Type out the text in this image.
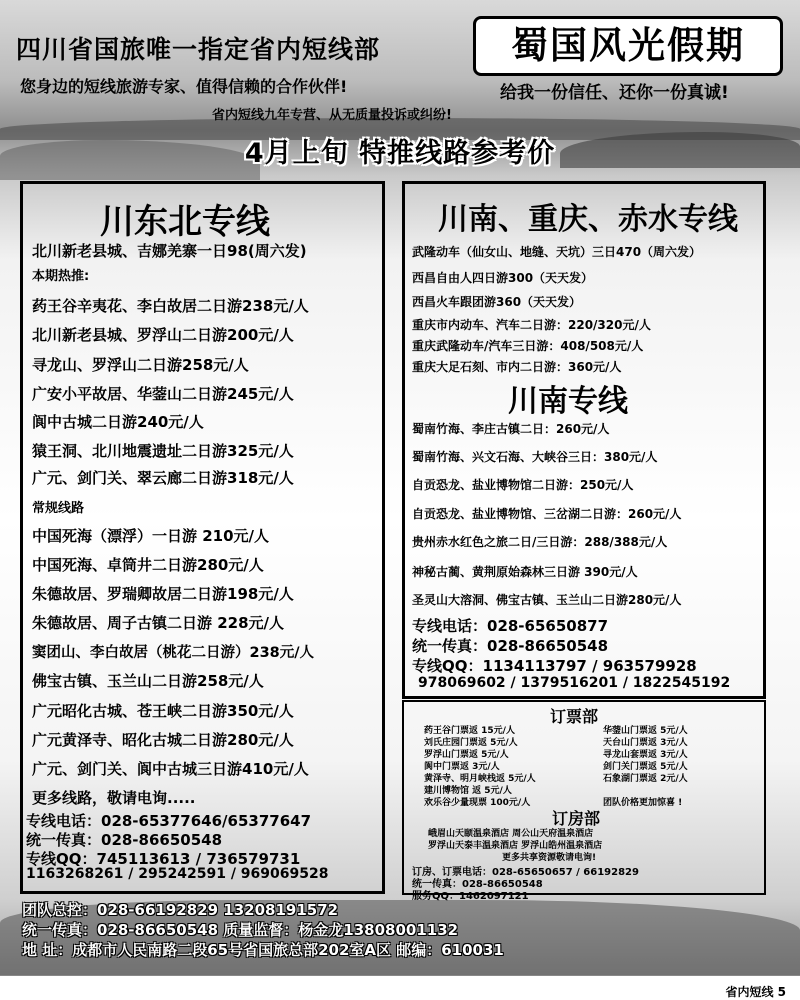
四川省国旅唯一指定省内短线部	蜀国风光假期
您身边的短线旅游专家、值得信赖的合作伙伴!	给我一份信任、还你一份真诚!
省内短线九年专营、从无质量投诉或纠纷!
4月上旬 特推线路参考价
川东北专线
北川新老县城、吉娜羌寨一日98(周六发)
本期热推:
药王谷辛夷花、李白故居二日游238元/人
北川新老县城、罗浮山二日游200元/人
寻龙山、罗浮山二日游258元/人
广安小平故居、华蓥山二日游245元/人
阆中古城二日游240元/人
猿王洞、北川地震遗址二日游325元/人
广元、剑门关、翠云廊二日游318元/人
常规线路
中国死海（漂浮）一日游 210元/人
中国死海、卓筒井二日游280元/人
朱德故居、罗瑞卿故居二日游198元/人
朱德故居、周子古镇二日游 228元/人
窦团山、李白故居（桃花二日游）238元/人
佛宝古镇、玉兰山二日游258元/人
广元昭化古城、苍王峡二日游350元/人
广元黄泽寺、昭化古城二日游280元/人
广元、剑门关、阆中古城三日游410元/人
更多线路，敬请电询.....
专线电话：028-65377646/65377647
统一传真：028-86650548
专线QQ：745113613 / 736579731
1163268261 / 295242591 / 969069528
川南、重庆、赤水专线
武隆动车（仙女山、地缝、天坑）三日470（周六发）
西昌自由人四日游300（天天发）
西昌火车跟团游360（天天发）
重庆市内动车、汽车二日游：220/320元/人
重庆武隆动车/汽车三日游：408/508元/人
重庆大足石刻、市内二日游：360元/人
川南专线
蜀南竹海、李庄古镇二日：260元/人
蜀南竹海、兴文石海、大峡谷三日：380元/人
自贡恐龙、盐业博物馆二日游：250元/人
自贡恐龙、盐业博物馆、三岔湖二日游：260元/人
贵州赤水红色之旅二日/三日游：288/388元/人
神秘古蔺、黄荆原始森林三日游 390元/人
圣灵山大溶洞、佛宝古镇、玉兰山二日游280元/人
专线电话：028-65650877
统一传真：028-86650548
专线QQ：1134113797 / 963579928
978069602 / 1379516201 / 1822545192
订票部
药王谷门票返 15元/人
刘氏庄园门票返 5元/人
罗浮山门票返 5元/人
阆中门票返 3元/人
黄泽寺、明月峡栈返 5元/人
建川博物馆 返 5元/人
欢乐谷少量现票 100元/人
华蓥山门票返 5元/人
天台山门票返 3元/人
寻龙山套票返 3元/人
剑门关门票返 5元/人
石象湖门票返 2元/人
团队价格更加惊喜 !
订房部
峨眉山天颐温泉酒店 周公山天府温泉酒店
罗浮山天泰丰温泉酒店 罗浮山皓州温泉酒店
更多共享资源敬请电询!
订房、订票电话：028-65650657 / 66192829
统一传真：028-86650548
服务QQ：1462097121
团队总控：028-66192829 13208191572
统一传真：028-86650548 质量监督：杨金龙13808001132
地 址：成都市人民南路二段65号省国旅总部202室A区 邮编：610031
省内短线 5
